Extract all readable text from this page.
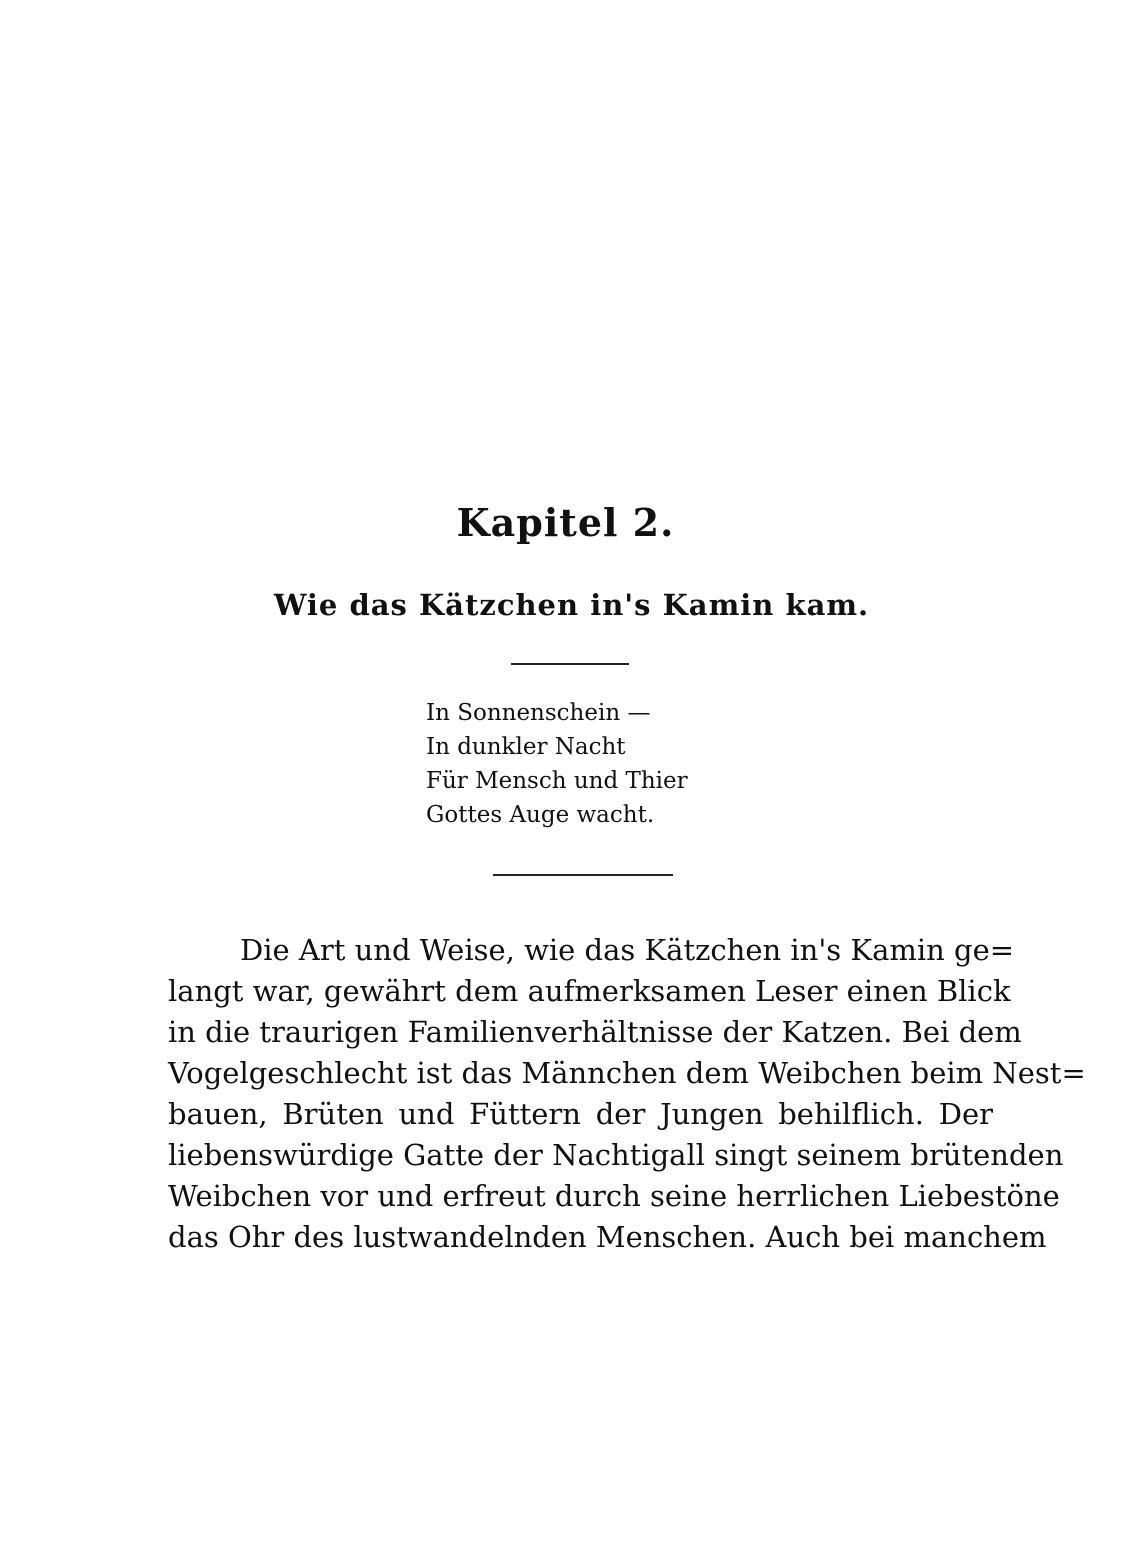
Kapitel 2.
Wie das Kätzchen in's Kamin kam.
In Sonnenschein —
In dunkler Nacht
Für Mensch und Thier
Gottes Auge wacht.
Die Art und Weise, wie das Kätzchen in's Kamin ge=
langt war, gewährt dem aufmerksamen Leser einen Blick
in die traurigen Familienverhältnisse der Katzen. Bei dem
Vogelgeschlecht ist das Männchen dem Weibchen beim Nest=
bauen, Brüten und Füttern der Jungen behilflich. Der
liebenswürdige Gatte der Nachtigall singt seinem brütenden
Weibchen vor und erfreut durch seine herrlichen Liebestöne
das Ohr des lustwandelnden Menschen. Auch bei manchem
